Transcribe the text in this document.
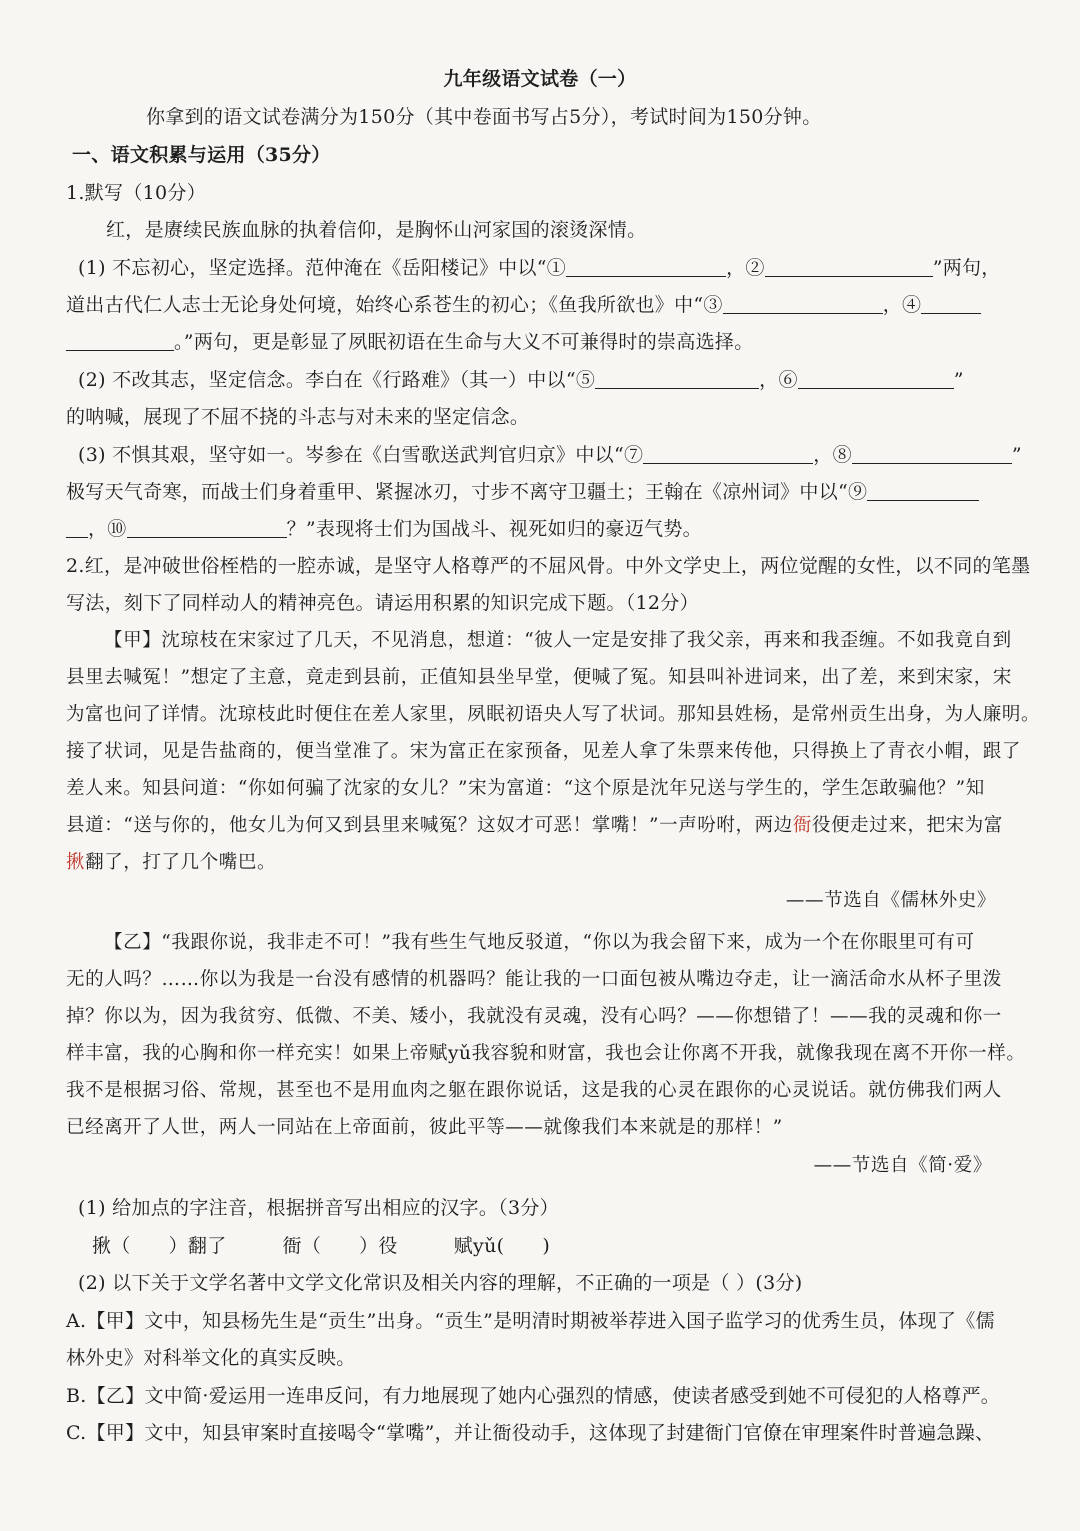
九年级语文试卷（一）
你拿到的语文试卷满分为150分（其中卷面书写占5分），考试时间为150分钟。
一、语文积累与运用（35分）
1.默写（10分）
红，是赓续民族血脉的执着信仰，是胸怀山河家国的滚烫深情。
(1) 不忘初心，坚定选择。范仲淹在《岳阳楼记》中以“①	，②	”两句，
道出古代仁人志士无论身处何境，始终心系苍生的初心；《鱼我所欲也》中“③	，④
。”两句，更是彰显了夙眠初语在生命与大义不可兼得时的崇高选择。
(2) 不改其志，坚定信念。李白在《行路难》（其一）中以“⑤	，⑥	”
的呐喊，展现了不屈不挠的斗志与对未来的坚定信念。
(3) 不惧其艰，坚守如一。岑参在《白雪歌送武判官归京》中以“⑦	，⑧	”
极写天气奇寒，而战士们身着重甲、紧握冰刃，寸步不离守卫疆土；王翰在《凉州词》中以“⑨
，⑩	？”表现将士们为国战斗、视死如归的豪迈气势。
2.红，是冲破世俗桎梏的一腔赤诚，是坚守人格尊严的不屈风骨。中外文学史上，两位觉醒的女性，以不同的笔墨
写法，刻下了同样动人的精神亮色。请运用积累的知识完成下题。（12分）
【甲】沈琼枝在宋家过了几天，不见消息，想道：“彼人一定是安排了我父亲，再来和我歪缠。不如我竟自到
县里去喊冤！”想定了主意，竟走到县前，正值知县坐早堂，便喊了冤。知县叫补进词来，出了差，来到宋家，宋
为富也问了详情。沈琼枝此时便住在差人家里，夙眠初语央人写了状词。那知县姓杨，是常州贡生出身，为人廉明。
接了状词，见是告盐商的，便当堂准了。宋为富正在家预备，见差人拿了朱票来传他，只得换上了青衣小帽，跟了
差人来。知县问道：“你如何骗了沈家的女儿？”宋为富道：“这个原是沈年兄送与学生的，学生怎敢骗他？”知
县道：“送与你的，他女儿为何又到县里来喊冤？这奴才可恶！掌嘴！”一声吩咐，两边衙役便走过来，把宋为富
揪翻了，打了几个嘴巴。
——节选自《儒林外史》
【乙】“我跟你说，我非走不可！”我有些生气地反驳道，“你以为我会留下来，成为一个在你眼里可有可
无的人吗？……你以为我是一台没有感情的机器吗？能让我的一口面包被从嘴边夺走，让一滴活命水从杯子里泼
掉？你以为，因为我贫穷、低微、不美、矮小，我就没有灵魂，没有心吗？——你想错了！——我的灵魂和你一
样丰富，我的心胸和你一样充实！如果上帝赋yǔ我容貌和财富，我也会让你离不开我，就像我现在离不开你一样。
我不是根据习俗、常规，甚至也不是用血肉之躯在跟你说话，这是我的心灵在跟你的心灵说话。就仿佛我们两人
已经离开了人世，两人一同站在上帝面前，彼此平等——就像我们本来就是的那样！”
——节选自《简·爱》
(1) 给加点的字注音，根据拼音写出相应的汉字。（3分）
揪（ ）翻了	衙（ ）役	赋yǔ( )
(2) 以下关于文学名著中文学文化常识及相关内容的理解，不正确的一项是（ ）(3分)
A.【甲】文中，知县杨先生是“贡生”出身。“贡生”是明清时期被举荐进入国子监学习的优秀生员，体现了《儒
林外史》对科举文化的真实反映。
B.【乙】文中简·爱运用一连串反问，有力地展现了她内心强烈的情感，使读者感受到她不可侵犯的人格尊严。
C.【甲】文中，知县审案时直接喝令“掌嘴”，并让衙役动手，这体现了封建衙门官僚在审理案件时普遍急躁、
